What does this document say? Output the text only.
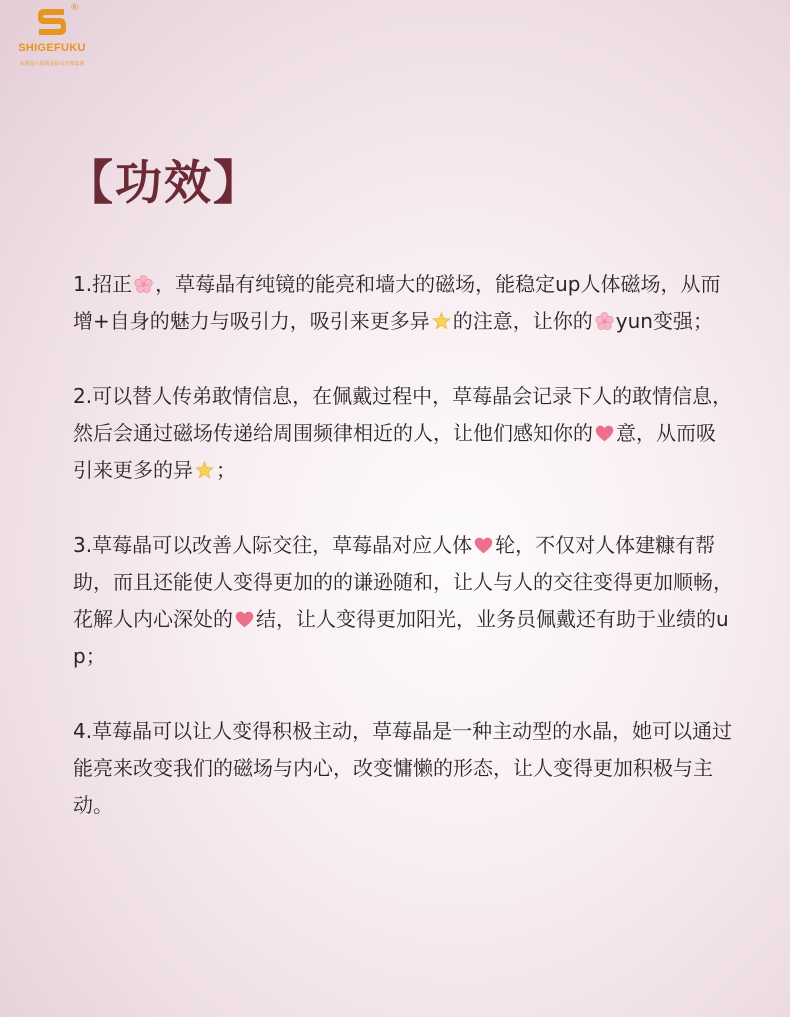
®
SHIGEFUKU
东海县六福黄金钻石首饰集团
【功效】

1.招正 ，草莓晶有纯镜的能亮和墙大的磁场，能稳定up人体磁场，从而增+自身的魅力与吸引力，吸引来更多异 的注意，让你的 yun变强；

2.可以替人传弟敢情信息，在佩戴过程中，草莓晶会记录下人的敢情信息，然后会通过磁场传递给周围频律相近的人，让他们感知你的 意，从而吸引来更多的异 ；

3.草莓晶可以改善人际交往，草莓晶对应人体 轮，不仅对人体建糠有帮助，而且还能使人变得更加的的谦逊随和，让人与人的交往变得更加顺畅，花解人内心深处的 结，让人变得更加阳光，业务员佩戴还有助于业绩的up；

4.草莓晶可以让人变得积极主动，草莓晶是一种主动型的水晶，她可以通过能亮来改变我们的磁场与内心，改变慵懒的形态，让人变得更加积极与主动。
